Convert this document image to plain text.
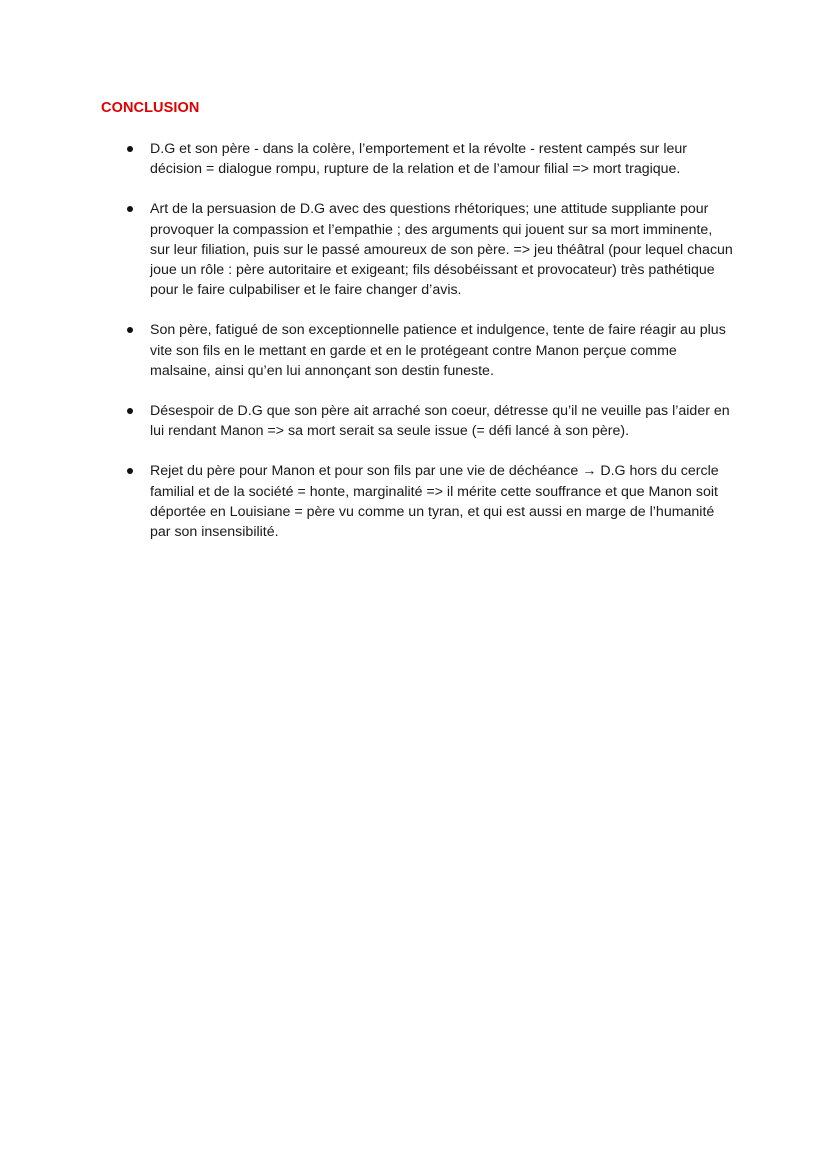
CONCLUSION
D.G et son père - dans la colère, l’emportement et la révolte - restent campés sur leur décision = dialogue rompu, rupture de la relation et de l’amour filial => mort tragique.
Art de la persuasion de D.G avec des questions rhétoriques; une attitude suppliante pour provoquer la compassion et l’empathie ; des arguments qui jouent sur sa mort imminente, sur leur filiation, puis sur le passé amoureux de son père. => jeu théâtral (pour lequel chacun joue un rôle : père autoritaire et exigeant; fils désobéissant et provocateur) très pathétique pour le faire culpabiliser et le faire changer d’avis.
Son père, fatigué de son exceptionnelle patience et indulgence, tente de faire réagir au plus vite son fils en le mettant en garde et en le protégeant contre Manon perçue comme malsaine, ainsi qu’en lui annonçant son destin funeste.
Désespoir de D.G que son père ait arraché son coeur, détresse qu’il ne veuille pas l’aider en lui rendant Manon => sa mort serait sa seule issue (= défi lancé à son père).
Rejet du père pour Manon et pour son fils par une vie de déchéance → D.G hors du cercle familial et de la société = honte, marginalité => il mérite cette souffrance et que Manon soit déportée en Louisiane = père vu comme un tyran, et qui est aussi en marge de l’humanité par son insensibilité.
